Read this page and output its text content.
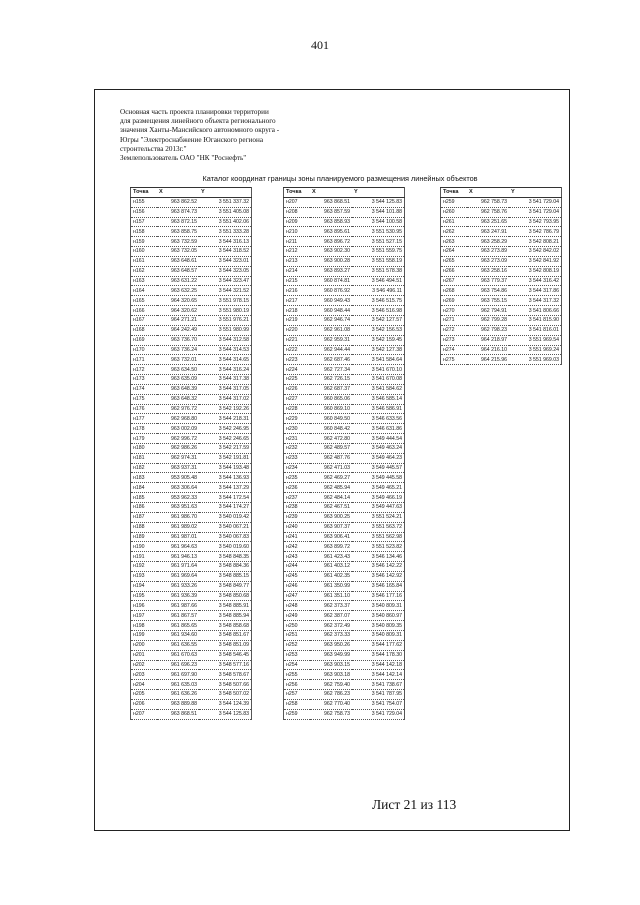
401
Основная часть проекта планировки территории
для размещения линейного объекта регионального
значения Ханты-Мансийского автономного округа -
Югры "Электроснабжение Юганского региона
стронтельства 2013г."
Землепользователь ОАО "НК "Роснефть"
Каталог координат границы зоны планируемого размещения линейных объектов
Точка	X	Y
н155	963 862.52	3 551 337.32
н156	963 874.73	3 551 405.08
н157	963 872.15	3 551 402.06
н158	963 858.75	3 551 333.28
н159	963 732.59	3 544 316.13
н160	963 732.05	3 544 318.52
н161	963 648.61	3 544 323.01
н162	963 648.57	3 544 323.05
н163	963 631.22	3 544 323.47
н164	963 632.25	3 544 321.52
н165	964 320.65	3 551 978.15
н166	964 320.62	3 551 980.19
н167	964 271.21	3 551 976.21
н168	964 242.49	3 551 980.99
н169	963 736.70	3 544 312.58
н170	963 736.24	3 544 314.53
н171	963 732.01	3 544 314.65
н172	963 634.50	3 544 316.24
н173	963 635.09	3 544 317.38
н174	963 648.39	3 544 317.05
н175	963 648.32	3 544 317.02
н176	962 976.72	3 542 192.26
н177	962 968.80	3 544 218.31
н178	963 002.09	3 542 246.95
н179	962 996.72	3 542 246.65
н180	962 986.26	3 542 217.59
н181	962 974.31	3 542 191.81
н182	963 937.31	3 544 193.48
н183	953 905.48	3 544 136.93
н184	963 306.64	3 544 137.29
н185	953 962.33	3 544 172.54
н186	963 951.63	3 544 174.27
н187	961 986.70	3 540 019.42
н188	961 989.02	3 540 067.21
н189	961 987.01	3 540 067.83
н190	961 964.63	3 540 019.60
н191	961 946.13	3 548 848.35
н192	961 971.64	3 548 884.36
н193	961 969.64	3 548 885.15
н194	961 933.26	3 548 849.77
н195	961 936.39	3 548 850.68
н196	961 987.66	3 548 885.91
н197	961 867.57	3 548 885.94
н198	961 865.65	3 548 858.68
н199	961 934.60	3 548 851.67
н200	961 636.55	3 548 851.09
н201	961 670.63	3 548 546.45
н202	961 696.23	3 548 577.16
н203	961 697.90	3 548 578.67
н204	961 635.03	3 548 507.66
н205	961 636.26	3 548 507.02
н206	963 889.88	3 544 124.39
н207	963 868.51	3 544 125.83
Точка	X	Y
н207	963 868.51	3 544 125.83
н208	963 857.59	3 544 101.88
н209	963 858.93	3 544 100.58
н210	963 895.61	3 551 530.95
н211	963 896.72	3 551 527.15
н212	963 902.30	3 551 559.75
н213	963 900.28	3 551 558.19
н214	963 893.27	3 551 578.38
н215	960 874.81	3 546 494.51
н216	960 876.92	3 546 496.11
н217	960 949.43	3 546 515.75
н218	960 948.44	3 546 516.98
н219	962 946.74	3 542 127.57
н220	962 961.08	3 542 156.53
н221	962 959.31	3 542 159.45
н222	962 944.44	3 542 127.38
н223	962 687.46	3 541 584.64
н224	962 727.34	3 541 670.10
н225	962 726.15	3 541 670.08
н226	962 687.37	3 541 584.62
н227	960 865.06	3 546 585.14
н228	960 869.10	3 546 586.91
н229	960 849.50	3 546 633.56
н230	960 848.42	3 546 631.86
н231	962 472.80	3 549 444.54
н232	962 489.57	3 549 463.24
н233	962 487.76	3 549 464.23
н234	962 471.03	3 549 445.57
н235	962 469.27	3 549 445.58
н236	962 485.94	3 549 465.21
н237	962 484.14	3 549 466.19
н238	962 467.51	3 549 447.63
н239	963 900.25	3 551 524.21
н240	963 907.37	3 551 563.72
н241	963 906.41	3 551 562.98
н242	963 899.72	3 551 523.82
н243	961 423.43	3 546 134.46
н244	961 403.12	3 546 142.22
н245	961 402.35	3 546 142.92
н246	961 350.99	3 546 165.84
н247	961 351.10	3 546 177.16
н248	962 373.37	3 540 809.31
н249	962 387.07	3 540 860.97
н250	962 372.49	3 540 809.35
н251	962 373.33	3 540 809.31
н252	963 950.26	3 544 177.62
н253	963 949.99	3 544 178.30
н254	963 903.15	3 544 142.18
н255	963 903.18	3 544 142.14
н256	962 759.40	3 541 738.67
н257	962 786.23	3 541 787.95
н258	962 770.40	3 541 754.07
н259	962 758.73	3 541 729.04
Точка	X	Y
н259	962 758.73	3 541 729.04
н260	962 758.76	3 541 729.04
н261	963 251.65	3 542 793.95
н262	963 247.91	3 542 786.79
н263	963 258.29	3 542 808.21
н264	963 273.89	3 542 842.02
н265	963 273.09	3 542 841.92
н266	963 258.16	3 542 808.19
н267	963 779.37	3 544 316.42
н268	963 754.86	3 544 317.86
н269	963 755.15	3 544 317.32
н270	962 794.91	3 541 806.66
н271	962 799.28	3 541 815.90
н272	962 798.23	3 541 816.01
н273	964 218.97	3 551 969.54
н274	964 216.10	3 551 969.24
н275	964 215.96	3 551 969.03
Лист 21 из 113
